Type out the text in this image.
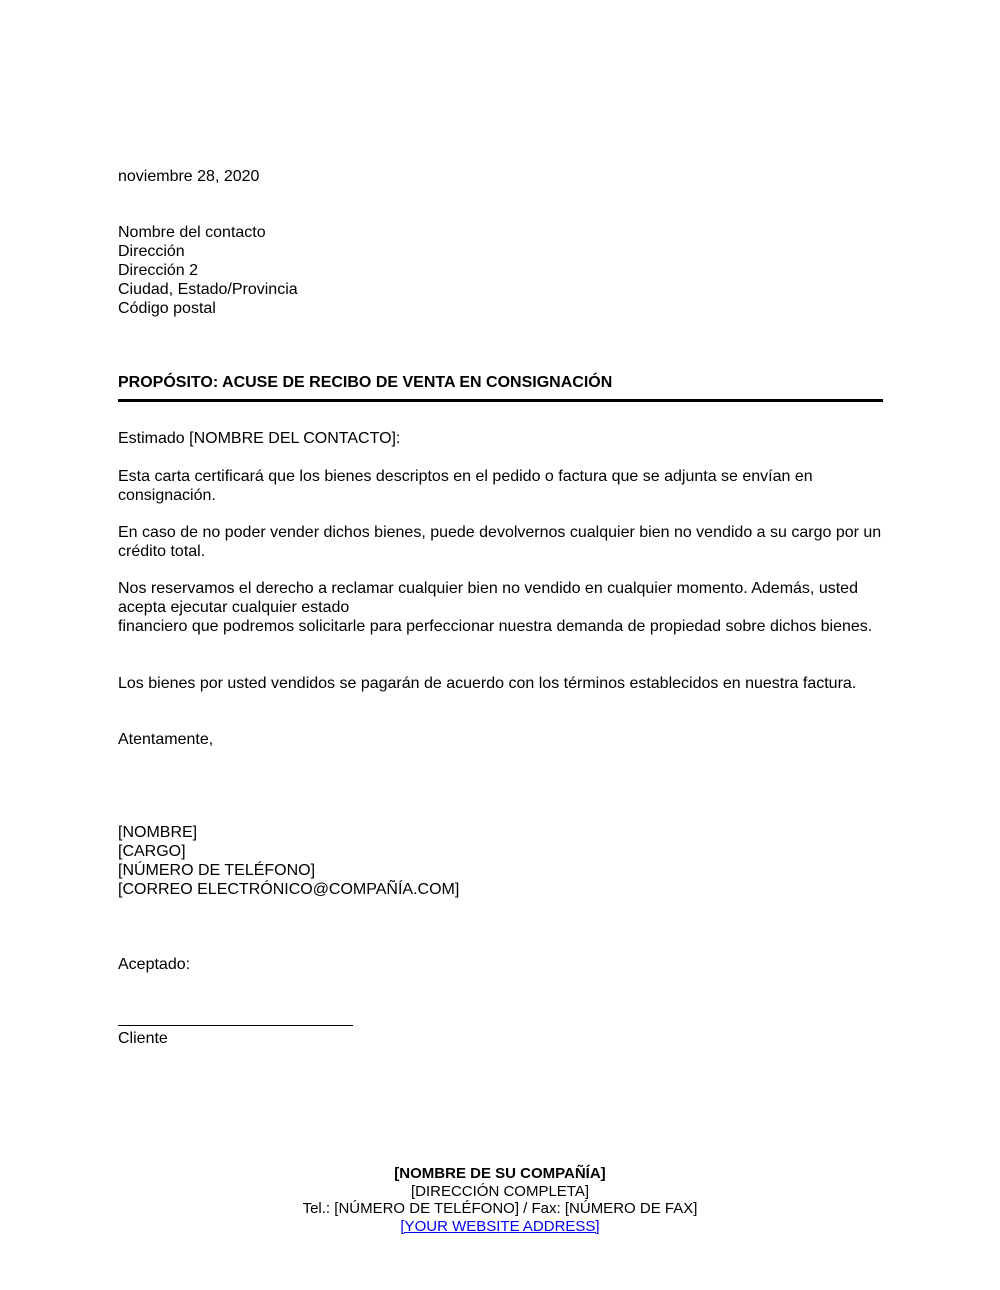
noviembre 28, 2020
Nombre del contacto
Dirección
Dirección 2
Ciudad, Estado/Provincia
Código postal
PROPÓSITO: ACUSE DE RECIBO DE VENTA EN CONSIGNACIÓN
Estimado [NOMBRE DEL CONTACTO]:
Esta carta certificará que los bienes descriptos en el pedido o factura que se adjunta se envían en consignación.
En caso de no poder vender dichos bienes, puede devolvernos cualquier bien no vendido a su cargo por un crédito total.
Nos reservamos el derecho a reclamar cualquier bien no vendido en cualquier momento. Además, usted acepta ejecutar cualquier estado
financiero que podremos solicitarle para perfeccionar nuestra demanda de propiedad sobre dichos bienes.
Los bienes por usted vendidos se pagarán de acuerdo con los términos establecidos en nuestra factura.
Atentamente,
[NOMBRE]
[CARGO]
[NÚMERO DE TELÉFONO]
[CORREO ELECTRÓNICO@COMPAÑÍA.COM]
Aceptado:
Cliente
[NOMBRE DE SU COMPAÑÍA]
[DIRECCIÓN COMPLETA]
Tel.: [NÚMERO DE TELÉFONO] / Fax: [NÚMERO DE FAX]
[YOUR WEBSITE ADDRESS]
